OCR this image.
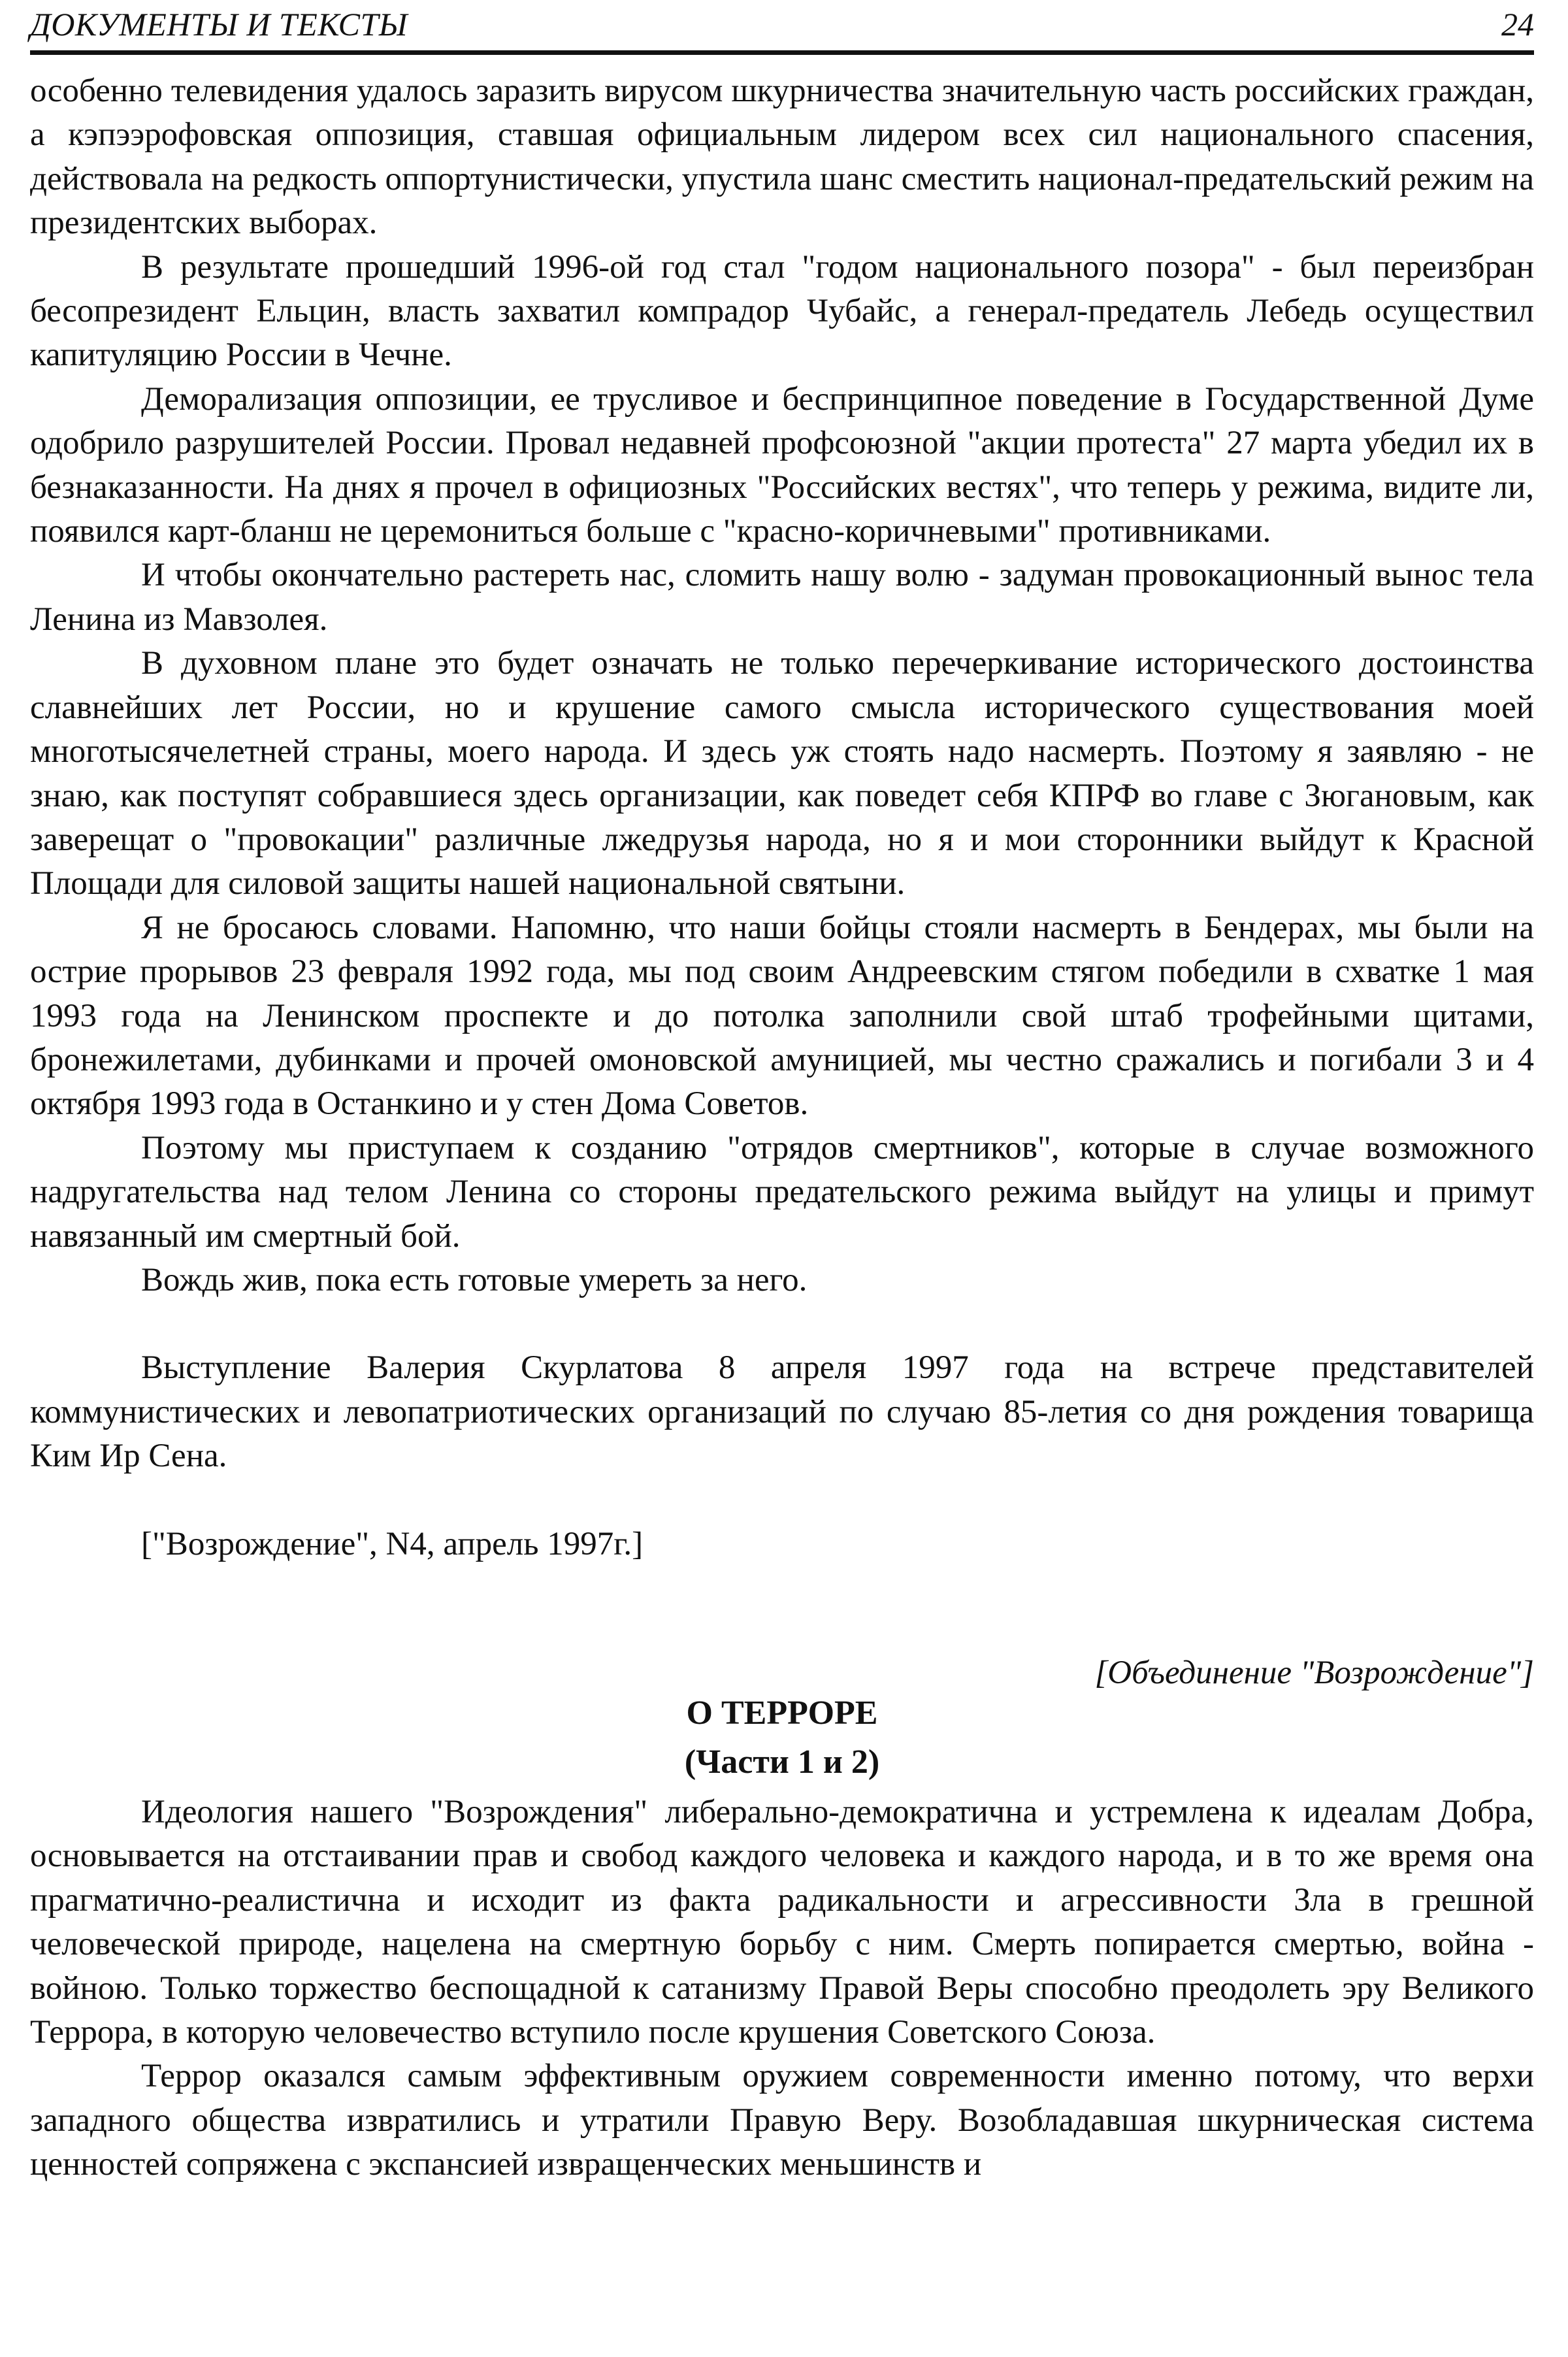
ДОКУМЕНТЫ И ТЕКСТЫ	24

особенно телевидения удалось заразить вирусом шкурничества значительную часть российских граждан, а кэпээрофовская оппозиция, ставшая официальным лидером всех сил национального спасения, действовала на редкость оппортунистически, упустила шанс сместить национал-предательский режим на президентских выборах.

В результате прошедший 1996-ой год стал "годом национального позора" - был переизбран бесопрезидент Ельцин, власть захватил компрадор Чубайс, а генерал-предатель Лебедь осуществил капитуляцию России в Чечне.

Деморализация оппозиции, ее трусливое и беспринципное поведение в Государственной Думе одобрило разрушителей России. Провал недавней профсоюзной "акции протеста" 27 марта убедил их в безнаказанности. На днях я прочел в официозных "Российских вестях", что теперь у режима, видите ли, появился карт-бланш не церемониться больше с "красно-коричневыми" противниками.

И чтобы окончательно растереть нас, сломить нашу волю - задуман провокационный вынос тела Ленина из Мавзолея.

В духовном плане это будет означать не только перечеркивание исторического достоинства славнейших лет России, но и крушение самого смысла исторического существования моей многотысячелетней страны, моего народа. И здесь уж стоять надо насмерть. Поэтому я заявляю - не знаю, как поступят собравшиеся здесь организации, как поведет себя КПРФ во главе с Зюгановым, как заверещат о "провокации" различные лжедрузья народа, но я и мои сторонники выйдут к Красной Площади для силовой защиты нашей национальной святыни.

Я не бросаюсь словами. Напомню, что наши бойцы стояли насмерть в Бендерах, мы были на острие прорывов 23 февраля 1992 года, мы под своим Андреевским стягом победили в схватке 1 мая 1993 года на Ленинском проспекте и до потолка заполнили свой штаб трофейными щитами, бронежилетами, дубинками и прочей омоновской амуницией, мы честно сражались и погибали 3 и 4 октября 1993 года в Останкино и у стен Дома Советов.

Поэтому мы приступаем к созданию "отрядов смертников", которые в случае возможного надругательства над телом Ленина со стороны предательского режима выйдут на улицы и примут навязанный им смертный бой.

Вождь жив, пока есть готовые умереть за него.

Выступление Валерия Скурлатова 8 апреля 1997 года на встрече представителей коммунистических и левопатриотических организаций по случаю 85-летия со дня рождения товарища Ким Ир Сена.

["Возрождение", N4, апрель 1997г.]

[Объединение "Возрождение"]

О ТЕРРОРЕ

(Части 1 и 2)

Идеология нашего "Возрождения" либерально-демократична и устремлена к идеалам Добра, основывается на отстаивании прав и свобод каждого человека и каждого народа, и в то же время она прагматично-реалистична и исходит из факта радикальности и агрессивности Зла в грешной человеческой природе, нацелена на смертную борьбу с ним. Смерть попирается смертью, война - войною. Только торжество беспощадной к сатанизму Правой Веры способно преодолеть эру Великого Террора, в которую человечество вступило после крушения Советского Союза.

Террор оказался самым эффективным оружием современности именно потому, что верхи западного общества извратились и утратили Правую Веру. Возобладавшая шкурническая система ценностей сопряжена с экспансией извращенческих меньшинств и
